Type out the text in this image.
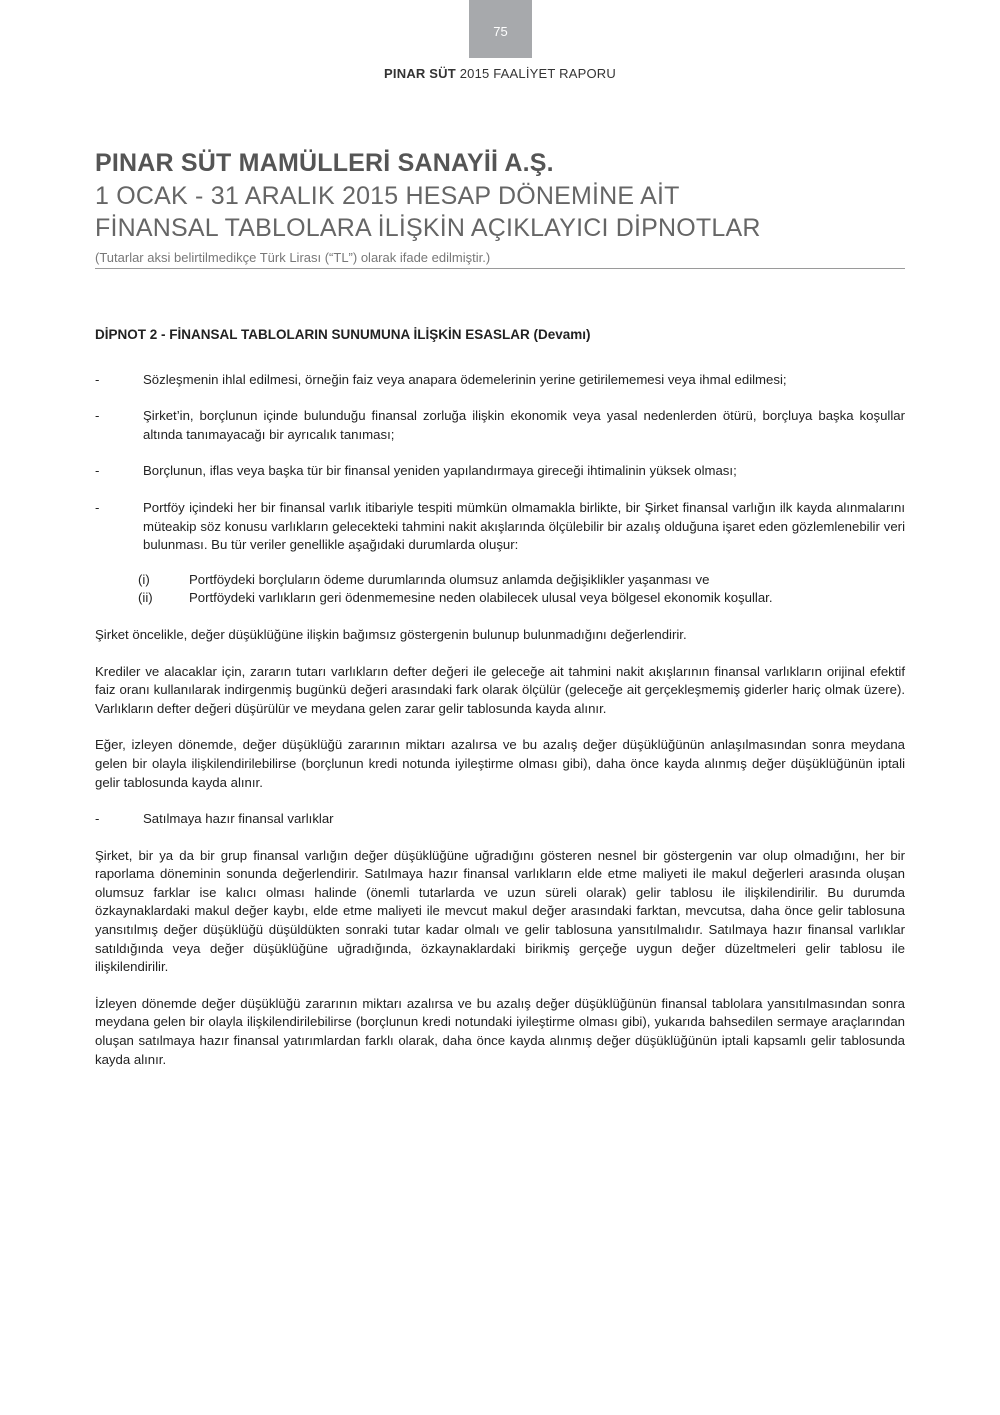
75
PINAR SÜT 2015 FAALİYET RAPORU
PINAR SÜT MAMÜLLERİ SANAYİİ A.Ş.
1 OCAK - 31 ARALIK 2015 HESAP DÖNEMİNE AİT
FİNANSAL TABLOLARA İLİŞKİN AÇIKLAYICI DİPNOTLAR
(Tutarlar aksi belirtilmedikçe Türk Lirası (“TL”) olarak ifade edilmiştir.)
DİPNOT 2 - FİNANSAL TABLOLARIN SUNUMUNA İLİŞKİN ESASLAR (Devamı)
-	Sözleşmenin ihlal edilmesi, örneğin faiz veya anapara ödemelerinin yerine getirilememesi veya ihmal edilmesi;
-	Şirket’in, borçlunun içinde bulunduğu finansal zorluğa ilişkin ekonomik veya yasal nedenlerden ötürü, borçluya başka koşullar altında tanımayacağı bir ayrıcalık tanıması;
-	Borçlunun, iflas veya başka tür bir finansal yeniden yapılandırmaya gireceği ihtimalinin yüksek olması;
-	Portföy içindeki her bir finansal varlık itibariyle tespiti mümkün olmamakla birlikte, bir Şirket finansal varlığın ilk kayda alınmalarını müteakip söz konusu varlıkların gelecekteki tahmini nakit akışlarında ölçülebilir bir azalış olduğuna işaret eden gözlemlenebilir veri bulunması. Bu tür veriler genellikle aşağıdaki durumlarda oluşur:
(i)	Portföydeki borçluların ödeme durumlarında olumsuz anlamda değişiklikler yaşanması ve
(ii)	Portföydeki varlıkların geri ödenmemesine neden olabilecek ulusal veya bölgesel ekonomik koşullar.

Şirket öncelikle, değer düşüklüğüne ilişkin bağımsız göstergenin bulunup bulunmadığını değerlendirir.

Krediler ve alacaklar için, zararın tutarı varlıkların defter değeri ile geleceğe ait tahmini nakit akışlarının finansal varlıkların orijinal efektif faiz oranı kullanılarak indirgenmiş bugünkü değeri arasındaki fark olarak ölçülür (geleceğe ait gerçekleşmemiş giderler hariç olmak üzere). Varlıkların defter değeri düşürülür ve meydana gelen zarar gelir tablosunda kayda alınır.

Eğer, izleyen dönemde, değer düşüklüğü zararının miktarı azalırsa ve bu azalış değer düşüklüğünün anlaşılmasından sonra meydana gelen bir olayla ilişkilendirilebilirse (borçlunun kredi notunda iyileştirme olması gibi), daha önce kayda alınmış değer düşüklüğünün iptali gelir tablosunda kayda alınır.

-	Satılmaya hazır finansal varlıklar

Şirket, bir ya da bir grup finansal varlığın değer düşüklüğüne uğradığını gösteren nesnel bir göstergenin var olup olmadığını, her bir raporlama döneminin sonunda değerlendirir. Satılmaya hazır finansal varlıkların elde etme maliyeti ile makul değerleri arasında oluşan olumsuz farklar ise kalıcı olması halinde (önemli tutarlarda ve uzun süreli olarak) gelir tablosu ile ilişkilendirilir. Bu durumda özkaynaklardaki makul değer kaybı, elde etme maliyeti ile mevcut makul değer arasındaki farktan, mevcutsa, daha önce gelir tablosuna yansıtılmış değer düşüklüğü düşüldükten sonraki tutar kadar olmalı ve gelir tablosuna yansıtılmalıdır. Satılmaya hazır finansal varlıklar satıldığında veya değer düşüklüğüne uğradığında, özkaynaklardaki birikmiş gerçeğe uygun değer düzeltmeleri gelir tablosu ile ilişkilendirilir.

İzleyen dönemde değer düşüklüğü zararının miktarı azalırsa ve bu azalış değer düşüklüğünün finansal tablolara yansıtılmasından sonra meydana gelen bir olayla ilişkilendirilebilirse (borçlunun kredi notundaki iyileştirme olması gibi), yukarıda bahsedilen sermaye araçlarından oluşan satılmaya hazır finansal yatırımlardan farklı olarak, daha önce kayda alınmış değer düşüklüğünün iptali kapsamlı gelir tablosunda kayda alınır.
